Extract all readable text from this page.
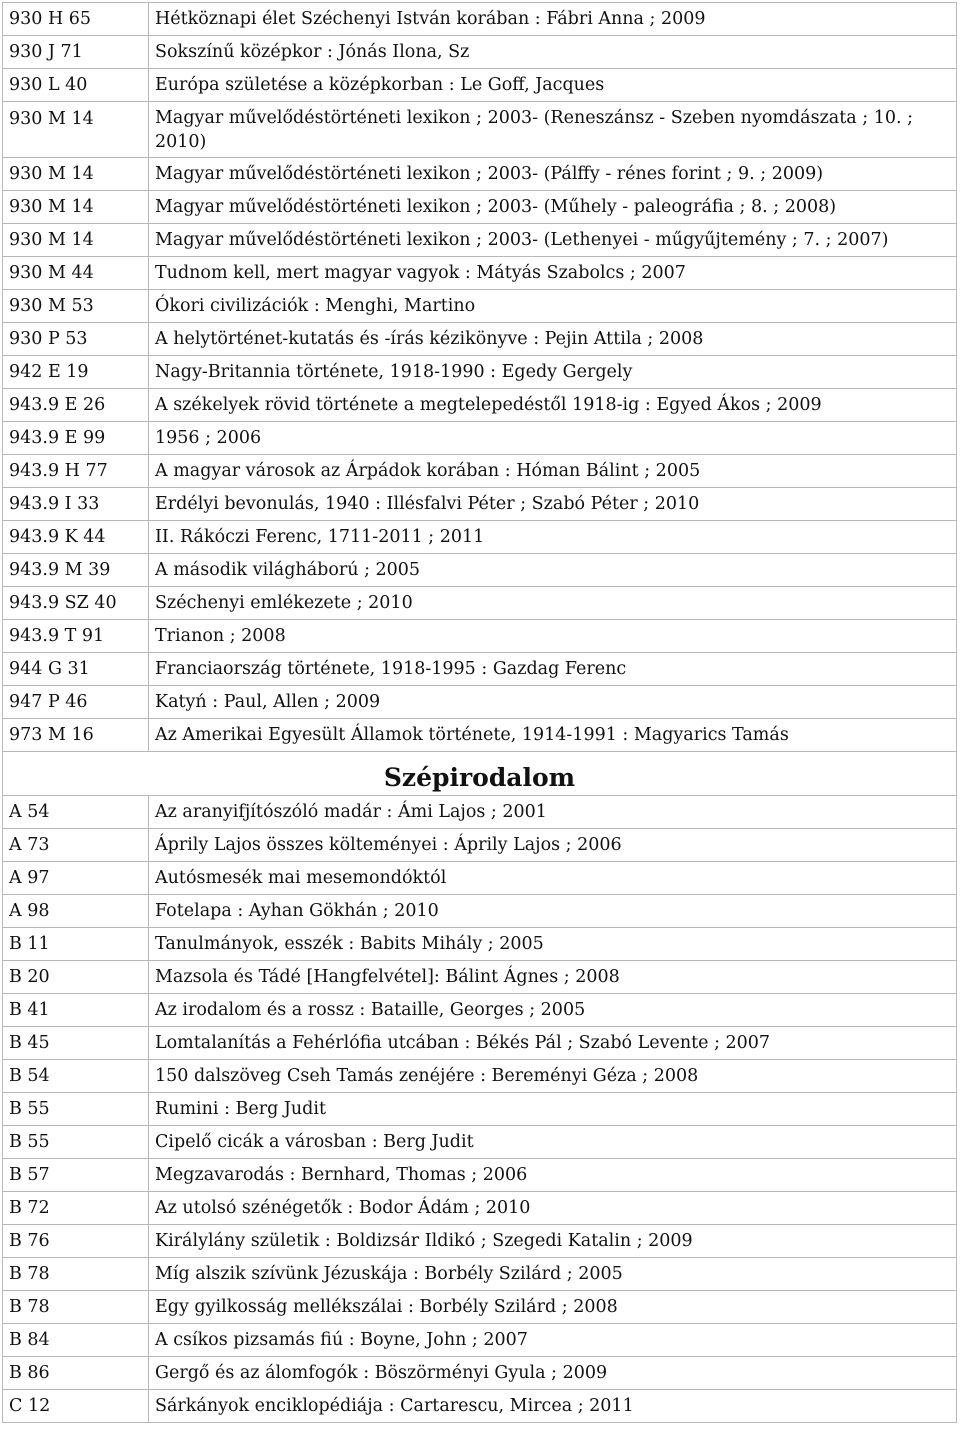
930 H 65	Hétköznapi élet Széchenyi István korában : Fábri Anna ; 2009
930 J 71	Sokszínű középkor : Jónás Ilona, Sz
930 L 40	Európa születése a középkorban : Le Goff, Jacques
930 M 14	Magyar művelődéstörténeti lexikon ; 2003- (Reneszánsz - Szeben nyomdászata ; 10. ; 2010)
930 M 14	Magyar művelődéstörténeti lexikon ; 2003- (Pálffy - rénes forint ; 9. ; 2009)
930 M 14	Magyar művelődéstörténeti lexikon ; 2003- (Műhely - paleográfia ; 8. ; 2008)
930 M 14	Magyar művelődéstörténeti lexikon ; 2003- (Lethenyei - műgyűjtemény ; 7. ; 2007)
930 M 44	Tudnom kell, mert magyar vagyok : Mátyás Szabolcs ; 2007
930 M 53	Ókori civilizációk : Menghi, Martino
930 P 53	A helytörténet-kutatás és -írás kézikönyve : Pejin Attila ; 2008
942 E 19	Nagy-Britannia története, 1918-1990 : Egedy Gergely
943.9 E 26	A székelyek rövid története a megtelepedéstől 1918-ig : Egyed Ákos ; 2009
943.9 E 99	1956 ; 2006
943.9 H 77	A magyar városok az Árpádok korában : Hóman Bálint ; 2005
943.9 I 33	Erdélyi bevonulás, 1940 : Illésfalvi Péter ; Szabó Péter ; 2010
943.9 K 44	II. Rákóczi Ferenc, 1711-2011 ; 2011
943.9 M 39	A második világháború ; 2005
943.9 SZ 40	Széchenyi emlékezete ; 2010
943.9 T 91	Trianon ; 2008
944 G 31	Franciaország története, 1918-1995 : Gazdag Ferenc
947 P 46	Katyń : Paul, Allen ; 2009
973 M 16	Az Amerikai Egyesült Államok története, 1914-1991 : Magyarics Tamás
Szépirodalom	
A 54	Az aranyifjítószóló madár : Ámi Lajos ; 2001
A 73	Áprily Lajos összes költeményei : Áprily Lajos ; 2006
A 97	Autósmesék mai mesemondóktól
A 98	Fotelapa : Ayhan Gökhán ; 2010
B 11	Tanulmányok, esszék : Babits Mihály ; 2005
B 20	Mazsola és Tádé [Hangfelvétel]: Bálint Ágnes ; 2008
B 41	Az irodalom és a rossz : Bataille, Georges ; 2005
B 45	Lomtalanítás a Fehérlófia utcában : Békés Pál ; Szabó Levente ; 2007
B 54	150 dalszöveg Cseh Tamás zenéjére : Bereményi Géza ; 2008
B 55	Rumini : Berg Judit
B 55	Cipelő cicák a városban : Berg Judit
B 57	Megzavarodás : Bernhard, Thomas ; 2006
B 72	Az utolsó szénégetők : Bodor Ádám ; 2010
B 76	Királylány születik : Boldizsár Ildikó ; Szegedi Katalin ; 2009
B 78	Míg alszik szívünk Jézuskája : Borbély Szilárd ; 2005
B 78	Egy gyilkosság mellékszálai : Borbély Szilárd ; 2008
B 84	A csíkos pizsamás fiú : Boyne, John ; 2007
B 86	Gergő és az álomfogók : Böszörményi Gyula ; 2009
C 12	Sárkányok enciklopédiája : Cartarescu, Mircea ; 2011
